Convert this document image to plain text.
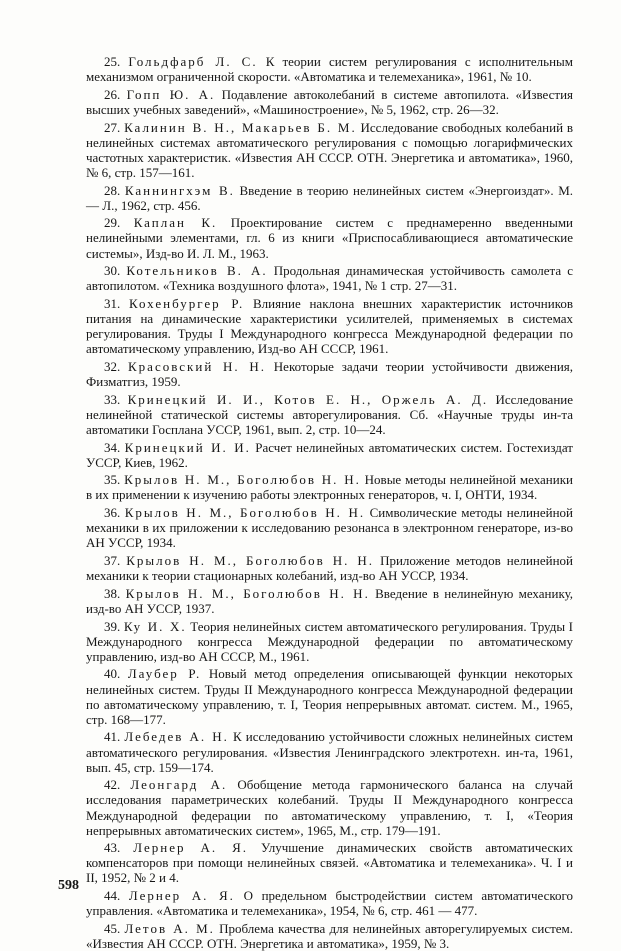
25. Гольдфарб Л. С. К теории систем регулирования с исполнительным механизмом ограниченной скорости. «Автоматика и телемеханика», 1961, № 10.

26. Гопп Ю. А. Подавление автоколебаний в системе автопилота. «Известия высших учебных заведений», «Машиностроение», № 5, 1962, стр. 26—32.

27. Калинин В. Н., Макарьев Б. М. Исследование свободных колебаний в нелинейных системах автоматического регулирования с помощью логарифмических частотных характеристик. «Известия АН СССР. ОТН. Энергетика и автоматика», 1960, № 6, стр. 157—161.

28. Каннингхэм В. Введение в теорию нелинейных систем «Энергоиздат». М. — Л., 1962, стр. 456.

29. Каплан К. Проектирование систем с преднамеренно введенными нелинейными элементами, гл. 6 из книги «Приспосабливающиеся автоматические системы», Изд-во И. Л. М., 1963.

30. Котельников В. А. Продольная динамическая устойчивость самолета с автопилотом. «Техника воздушного флота», 1941, № 1 стр. 27—31.

31. Кохенбургер Р. Влияние наклона внешних характеристик источников питания на динамические характеристики усилителей, применяемых в системах регулирования. Труды I Международного конгресса Международной федерации по автоматическому управлению, Изд-во АН СССР, 1961.

32. Красовский Н. Н. Некоторые задачи теории устойчивости движения, Физматгиз, 1959.

33. Кринецкий И. И., Котов Е. Н., Оржель А. Д. Исследование нелинейной статической системы авторегулирования. Сб. «Научные труды ин-та автоматики Госплана УССР, 1961, вып. 2, стр. 10—24.

34. Кринецкий И. И. Расчет нелинейных автоматических систем. Гостехиздат УССР, Киев, 1962.

35. Крылов Н. М., Боголюбов Н. Н. Новые методы нелинейной механики в их применении к изучению работы электронных генераторов, ч. I, ОНТИ, 1934.

36. Крылов Н. М., Боголюбов Н. Н. Символические методы нелинейной механики в их приложении к исследованию резонанса в электронном генераторе, из-во АН УССР, 1934.

37. Крылов Н. М., Боголюбов Н. Н. Приложение методов нелинейной механики к теории стационарных колебаний, изд-во АН УССР, 1934.

38. Крылов Н. М., Боголюбов Н. Н. Введение в нелинейную механику, изд-во АН УССР, 1937.

39. Ку И. Х. Теория нелинейных систем автоматического регулирования. Труды I Международного конгресса Международной федерации по автоматическому управлению, изд-во АН СССР, М., 1961.

40. Лаубер Р. Новый метод определения описывающей функции некоторых нелинейных систем. Труды II Международного конгресса Международной федерации по автоматическому управлению, т. I, Теория непрерывных автомат. систем. М., 1965, стр. 168—177.

41. Лебедев А. Н. К исследованию устойчивости сложных нелинейных систем автоматического регулирования. «Известия Ленинградского электротехн. ин-та, 1961, вып. 45, стр. 159—174.

42. Леонгард А. Обобщение метода гармонического баланса на случай исследования параметрических колебаний. Труды II Международного конгресса Международной федерации по автоматическому управлению, т. I, «Теория непрерывных автоматических систем», 1965, М., стр. 179—191.

43. Лернер А. Я. Улучшение динамических свойств автоматических компенсаторов при помощи нелинейных связей. «Автоматика и телемеханика». Ч. I и II, 1952, № 2 и 4.

44. Лернер А. Я. О предельном быстродействии систем автоматического управления. «Автоматика и телемеханика», 1954, № 6, стр. 461 — 477.

45. Летов А. М. Проблема качества для нелинейных авторегулируемых систем. «Известия АН СССР. ОТН. Энергетика и автоматика», 1959, № 3.

598
